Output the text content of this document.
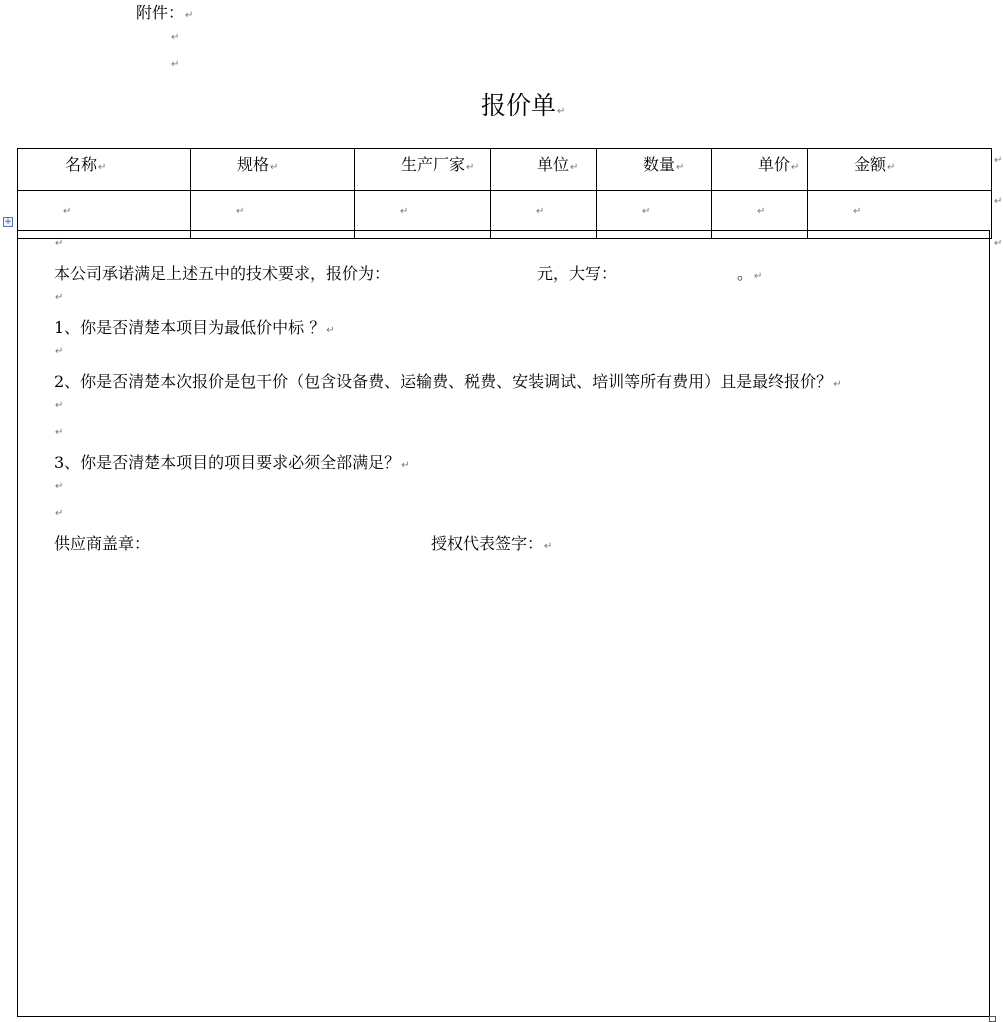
附件：↵
↵
↵
报价单↵
名称↵	规格↵	生产厂家↵	单位↵	数量↵	单价↵	金额↵
↵	↵	↵	↵	↵	↵	↵
↵
↵
↵
+
↵
本公司承诺满足上述五中的技术要求，报价为：	元，大写：	。↵
↵
1、你是否清楚本项目为最低价中标 ？↵
↵
2、你是否清楚本次报价是包干价（包含设备费、运输费、税费、安装调试、培训等所有费用）且是最终报价？↵
↵
↵
3、你是否清楚本项目的项目要求必须全部满足？↵
↵
↵
供应商盖章：	授权代表签字：↵
